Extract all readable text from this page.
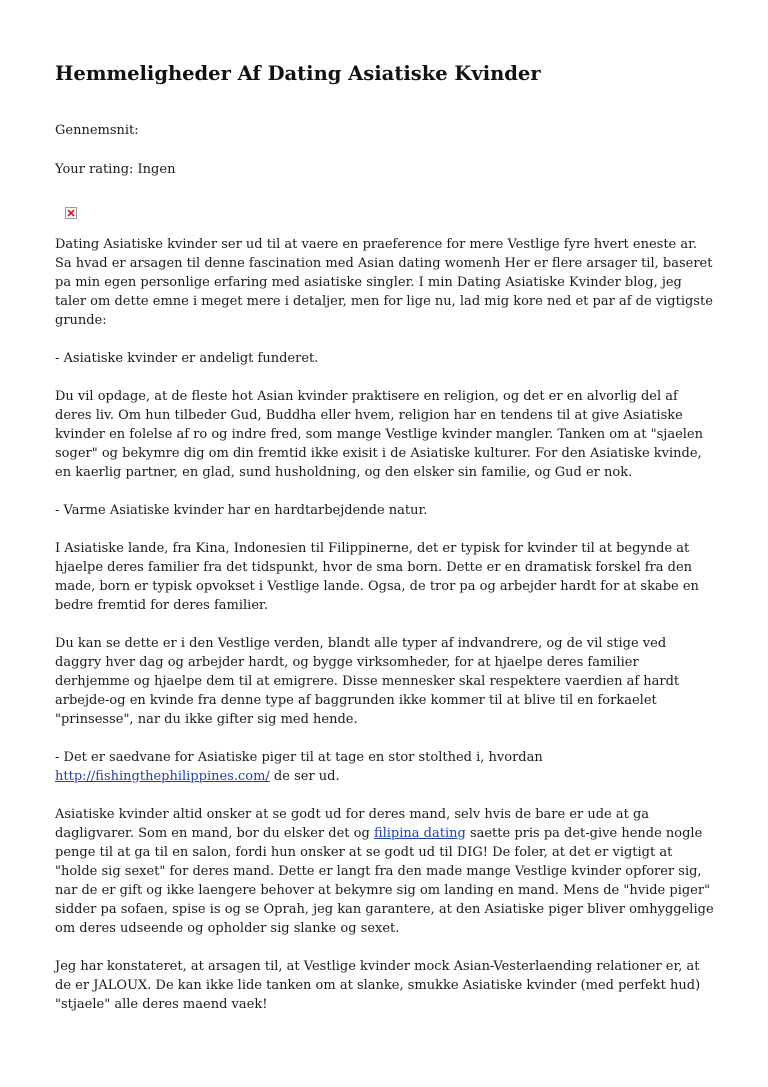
Hemmeligheder Af Dating Asiatiske Kvinder

Gennemsnit:

Your rating: Ingen

Dating Asiatiske kvinder ser ud til at vaere en praeference for mere Vestlige fyre hvert eneste ar. Sa hvad er arsagen til denne fascination med Asian dating womenh Her er flere arsager til, baseret pa min egen personlige erfaring med asiatiske singler. I min Dating Asiatiske Kvinder blog, jeg taler om dette emne i meget mere i detaljer, men for lige nu, lad mig kore ned et par af de vigtigste grunde:

- Asiatiske kvinder er andeligt funderet.

Du vil opdage, at de fleste hot Asian kvinder praktisere en religion, og det er en alvorlig del af deres liv. Om hun tilbeder Gud, Buddha eller hvem, religion har en tendens til at give Asiatiske kvinder en folelse af ro og indre fred, som mange Vestlige kvinder mangler. Tanken om at "sjaelen soger" og bekymre dig om din fremtid ikke exisit i de Asiatiske kulturer. For den Asiatiske kvinde, en kaerlig partner, en glad, sund husholdning, og den elsker sin familie, og Gud er nok.

- Varme Asiatiske kvinder har en hardtarbejdende natur.

I Asiatiske lande, fra Kina, Indonesien til Filippinerne, det er typisk for kvinder til at begynde at hjaelpe deres familier fra det tidspunkt, hvor de sma born. Dette er en dramatisk forskel fra den made, born er typisk opvokset i Vestlige lande. Ogsa, de tror pa og arbejder hardt for at skabe en bedre fremtid for deres familier.

Du kan se dette er i den Vestlige verden, blandt alle typer af indvandrere, og de vil stige ved daggry hver dag og arbejder hardt, og bygge virksomheder, for at hjaelpe deres familier derhjemme og hjaelpe dem til at emigrere. Disse mennesker skal respektere vaerdien af hardt arbejde-og en kvinde fra denne type af baggrunden ikke kommer til at blive til en forkaelet "prinsesse", nar du ikke gifter sig med hende.

- Det er saedvane for Asiatiske piger til at tage en stor stolthed i, hvordan http://fishingthephilippines.com/ de ser ud.

Asiatiske kvinder altid onsker at se godt ud for deres mand, selv hvis de bare er ude at ga dagligvarer. Som en mand, bor du elsker det og filipina dating saette pris pa det-give hende nogle penge til at ga til en salon, fordi hun onsker at se godt ud til DIG! De foler, at det er vigtigt at "holde sig sexet" for deres mand. Dette er langt fra den made mange Vestlige kvinder opforer sig, nar de er gift og ikke laengere behover at bekymre sig om landing en mand. Mens de "hvide piger" sidder pa sofaen, spise is og se Oprah, jeg kan garantere, at den Asiatiske piger bliver omhyggelige om deres udseende og opholder sig slanke og sexet.

Jeg har konstateret, at arsagen til, at Vestlige kvinder mock Asian-Vesterlaending relationer er, at de er JALOUX. De kan ikke lide tanken om at slanke, smukke Asiatiske kvinder (med perfekt hud) "stjaele" alle deres maend vaek!
